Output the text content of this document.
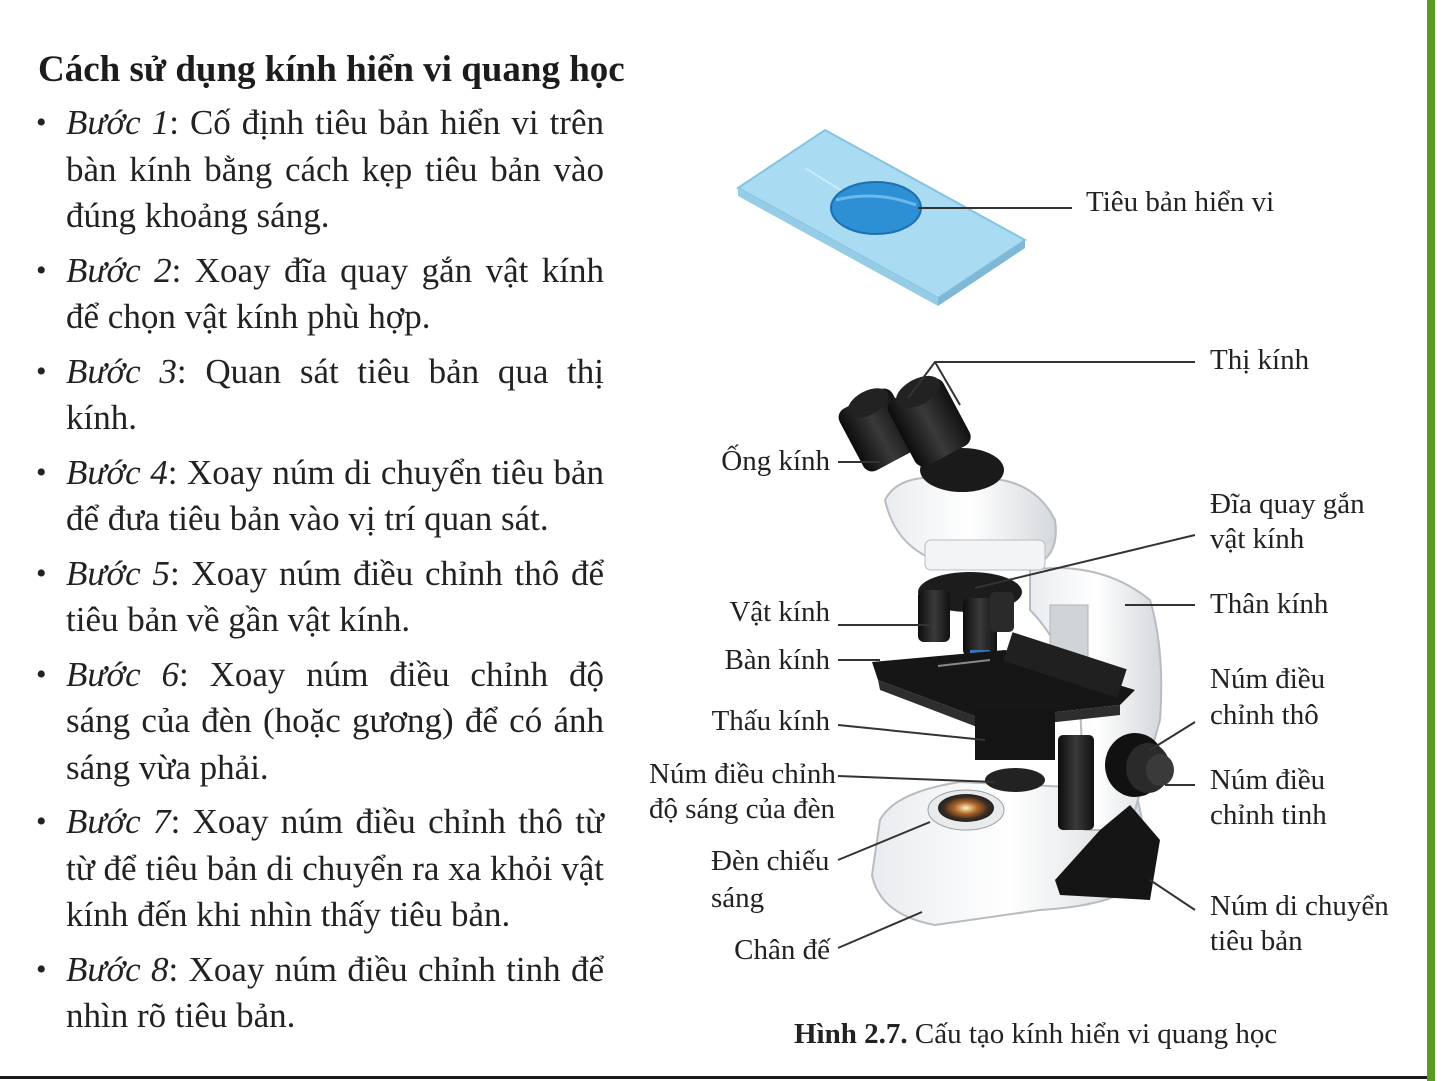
Cách sử dụng kính hiển vi quang học
• Bước 1: Cố định tiêu bản hiển vi trên bàn kính bằng cách kẹp tiêu bản vào đúng khoảng sáng.
• Bước 2: Xoay đĩa quay gắn vật kính để chọn vật kính phù hợp.
• Bước 3: Quan sát tiêu bản qua thị kính.
• Bước 4: Xoay núm di chuyển tiêu bản để đưa tiêu bản vào vị trí quan sát.
• Bước 5: Xoay núm điều chỉnh thô để tiêu bản về gần vật kính.
• Bước 6: Xoay núm điều chỉnh độ sáng của đèn (hoặc gương) để có ánh sáng vừa phải.
• Bước 7: Xoay núm điều chỉnh thô từ từ để tiêu bản di chuyển ra xa khỏi vật kính đến khi nhìn thấy tiêu bản.
• Bước 8: Xoay núm điều chỉnh tinh để nhìn rõ tiêu bản.
Tiêu bản hiển vi
Thị kính
Ống kính
Đĩa quay gắn
vật kính
Thân kính
Vật kính
Bàn kính
Núm điều
chỉnh thô
Thấu kính
Núm điều chỉnh
độ sáng của đèn
Núm điều
chỉnh tinh
Đèn chiếu
sáng	Núm di chuyển
tiêu bản
Chân đế
Hình 2.7. Cấu tạo kính hiển vi quang học
